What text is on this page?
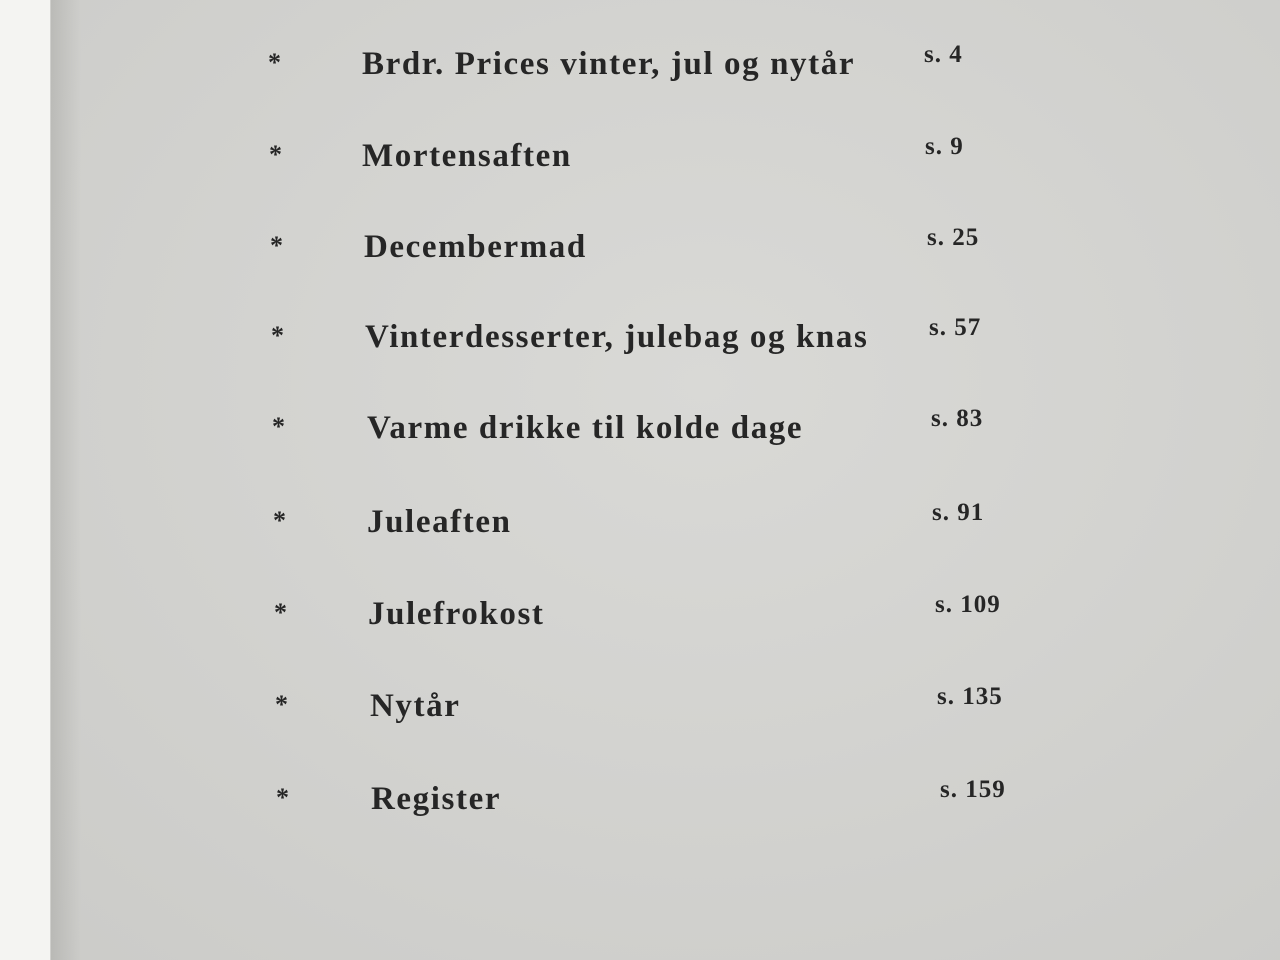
* Brdr. Prices vinter, jul og nytår	s. 4
* Mortensaften	s. 9
* Decembermad	s. 25
* Vinterdesserter, julebag og knas s. 57
* Varme drikke til kolde dage	s. 83
* Juleaften	s. 91
* Julefrokost	s. 109
* Nytår	s. 135
* Register	s. 159
